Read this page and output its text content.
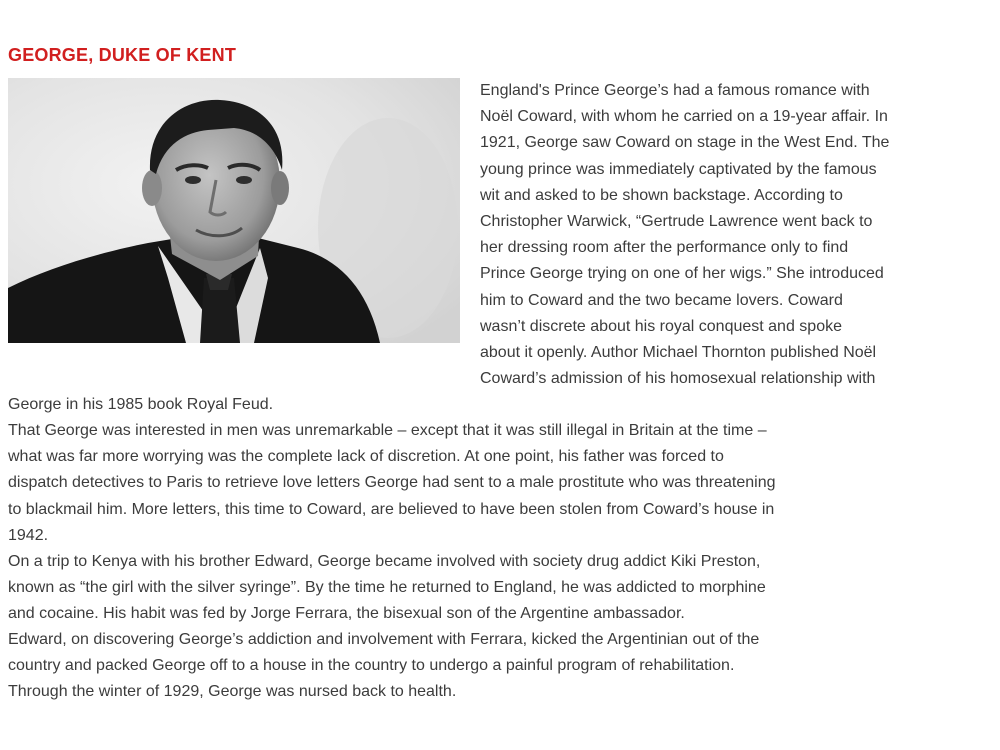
GEORGE, DUKE OF KENT

England's Prince George’s had a famous romance with
Noël Coward, with whom he carried on a 19-year affair. In
1921, George saw Coward on stage in the West End. The
young prince was immediately captivated by the famous
wit and asked to be shown backstage. According to
Christopher Warwick, “Gertrude Lawrence went back to
her dressing room after the performance only to find
Prince George trying on one of her wigs.” She introduced
him to Coward and the two became lovers. Coward
wasn’t discrete about his royal conquest and spoke
about it openly. Author Michael Thornton published Noël
Coward’s admission of his homosexual relationship with

George in his 1985 book Royal Feud.

That George was interested in men was unremarkable – except that it was still illegal in Britain at the time –
what was far more worrying was the complete lack of discretion. At one point, his father was forced to
dispatch detectives to Paris to retrieve love letters George had sent to a male prostitute who was threatening
to blackmail him. More letters, this time to Coward, are believed to have been stolen from Coward’s house in
1942.

On a trip to Kenya with his brother Edward, George became involved with society drug addict Kiki Preston,
known as “the girl with the silver syringe”. By the time he returned to England, he was addicted to morphine
and cocaine. His habit was fed by Jorge Ferrara, the bisexual son of the Argentine ambassador.

Edward, on discovering George’s addiction and involvement with Ferrara, kicked the Argentinian out of the
country and packed George off to a house in the country to undergo a painful program of rehabilitation.
Through the winter of 1929, George was nursed back to health.
